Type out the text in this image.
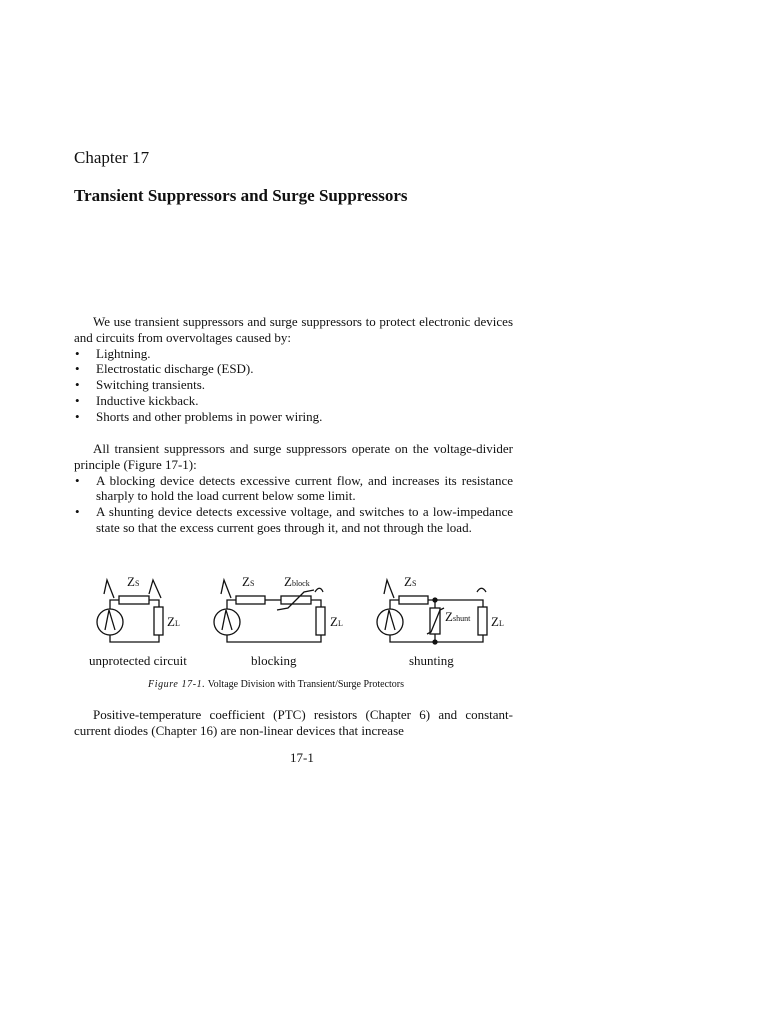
Chapter 17
Transient Suppressors and Surge Suppressors
We use transient suppressors and surge suppressors to protect electronic devices and circuits from overvoltages caused by:
• Lightning.
• Electrostatic discharge (ESD).
• Switching transients.
• Inductive kickback.
• Shorts and other problems in power wiring.
All transient suppressors and surge suppressors operate on the voltage-divider principle (Figure 17-1):
• A blocking device detects excessive current flow, and increases its resistance sharply to hold the load current below some limit.
• A shunting device detects excessive voltage, and switches to a low-impedance state so that the excess current goes through it, and not through the load.
ZS
ZL
ZS Zblock
ZL
ZS
Zshunt ZL
unprotected circuit	blocking	shunting
Figure 17-1. Voltage Division with Transient/Surge Protectors
Positive-temperature coefficient (PTC) resistors (Chapter 6) and constant-current diodes (Chapter 16) are non-linear devices that increase
17-1
